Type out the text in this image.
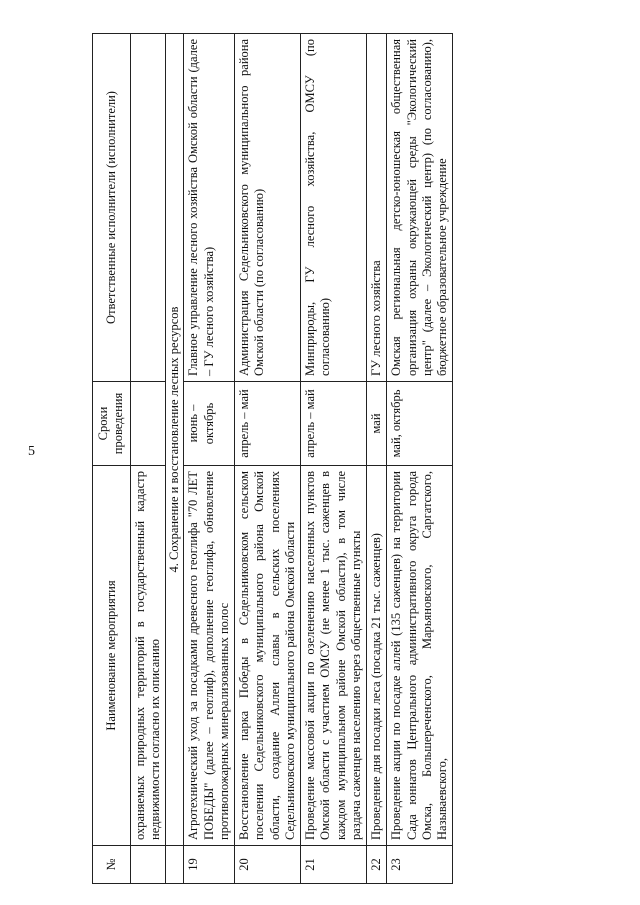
5
№	Наименование мероприятия	Сроки проведения	Ответственные исполнители (исполнители)
	охраняемых природных территорий в государственный кадастр недвижимости согласно их описанию		
	4. Сохранение и восстановление лесных ресурсов		
19	Агротехнический уход за посадками древесного геоглифа "70 ЛЕТ ПОБЕДЫ" (далее – геоглиф), дополнение геоглифа, обновление противопожарных минерализованных полос	июнь – октябрь	Главное управление лесного хозяйства Омской области (далее – ГУ лесного хозяйства)
20	Восстановление парка Победы в Седельниковском сельском поселении Седельниковского муниципального района Омской области, создание Аллеи славы в сельских поселениях Седельниковского муниципального района Омской области	апрель – май	Администрация Седельниковского муниципального района Омской области (по согласованию)
21	Проведение массовой акции по озеленению населенных пунктов Омской области с участием ОМСУ (не менее 1 тыс. саженцев в каждом муниципальном районе Омской области), в том числе раздача саженцев населению через общественные пункты	апрель – май	Минприроды, ГУ лесного хозяйства, ОМСУ (по согласованию)
22	Проведение дня посадки леса (посадка 21 тыс. саженцев)	май	ГУ лесного хозяйства
23	Проведение акции по посадке аллей (135 саженцев) на территории Сада юннатов Центрального административного округа города Омска, Большереченского, Марьяновского, Саргатского, Называевского,	май, октябрь	Омская региональная детско-юношеская общественная организация охраны окружающей среды "Экологический центр" (далее – Экологический центр) (по согласованию), бюджетное образовательное учреждение
